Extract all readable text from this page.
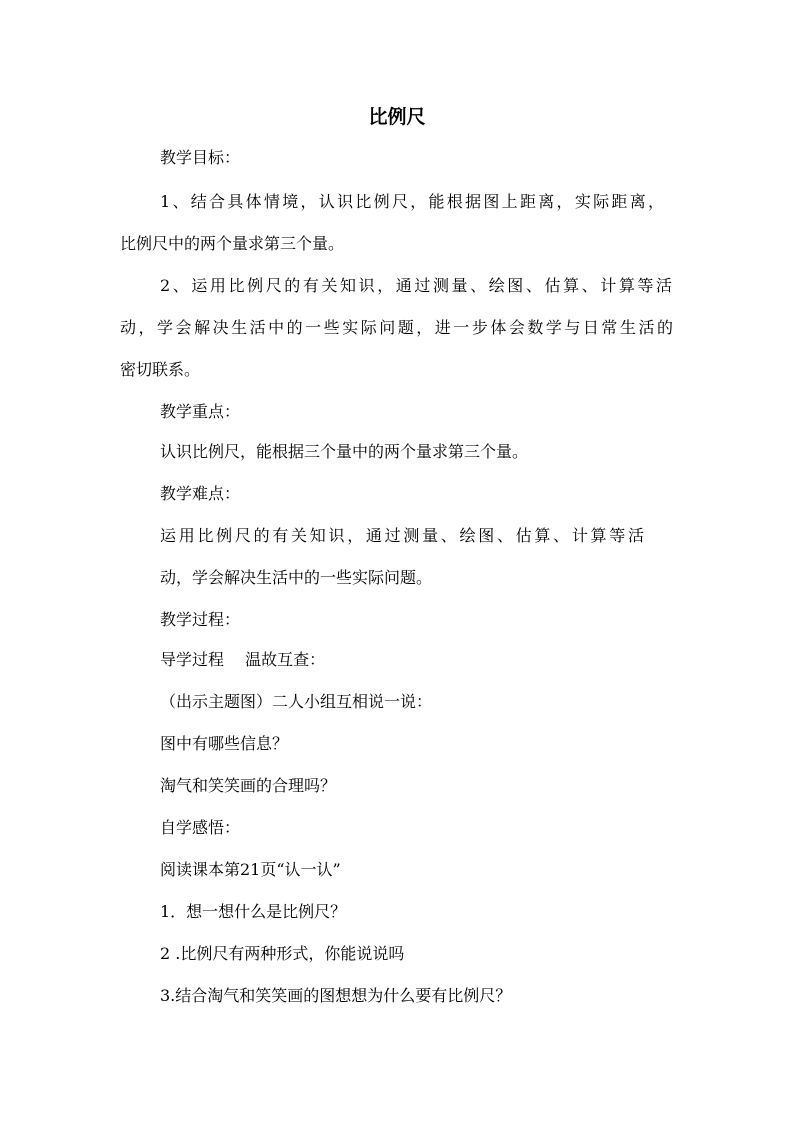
比例尺
教学目标：
1、结合具体情境，认识比例尺，能根据图上距离，实际距离，
比例尺中的两个量求第三个量。
2、运用比例尺的有关知识，通过测量、绘图、估算、计算等活
动，学会解决生活中的一些实际问题，进一步体会数学与日常生活的
密切联系。
教学重点：
认识比例尺，能根据三个量中的两个量求第三个量。
教学难点：
运用比例尺的有关知识，通过测量、绘图、估算、计算等活
动，学会解决生活中的一些实际问题。
教学过程：
导学过程　 温故互查：
（出示主题图）二人小组互相说一说：
图中有哪些信息？
淘气和笑笑画的合理吗？
自学感悟：
阅读课本第21页“认一认”
1．想一想什么是比例尺？
2 .比例尺有两种形式，你能说说吗
3.结合淘气和笑笑画的图想想为什么要有比例尺？
